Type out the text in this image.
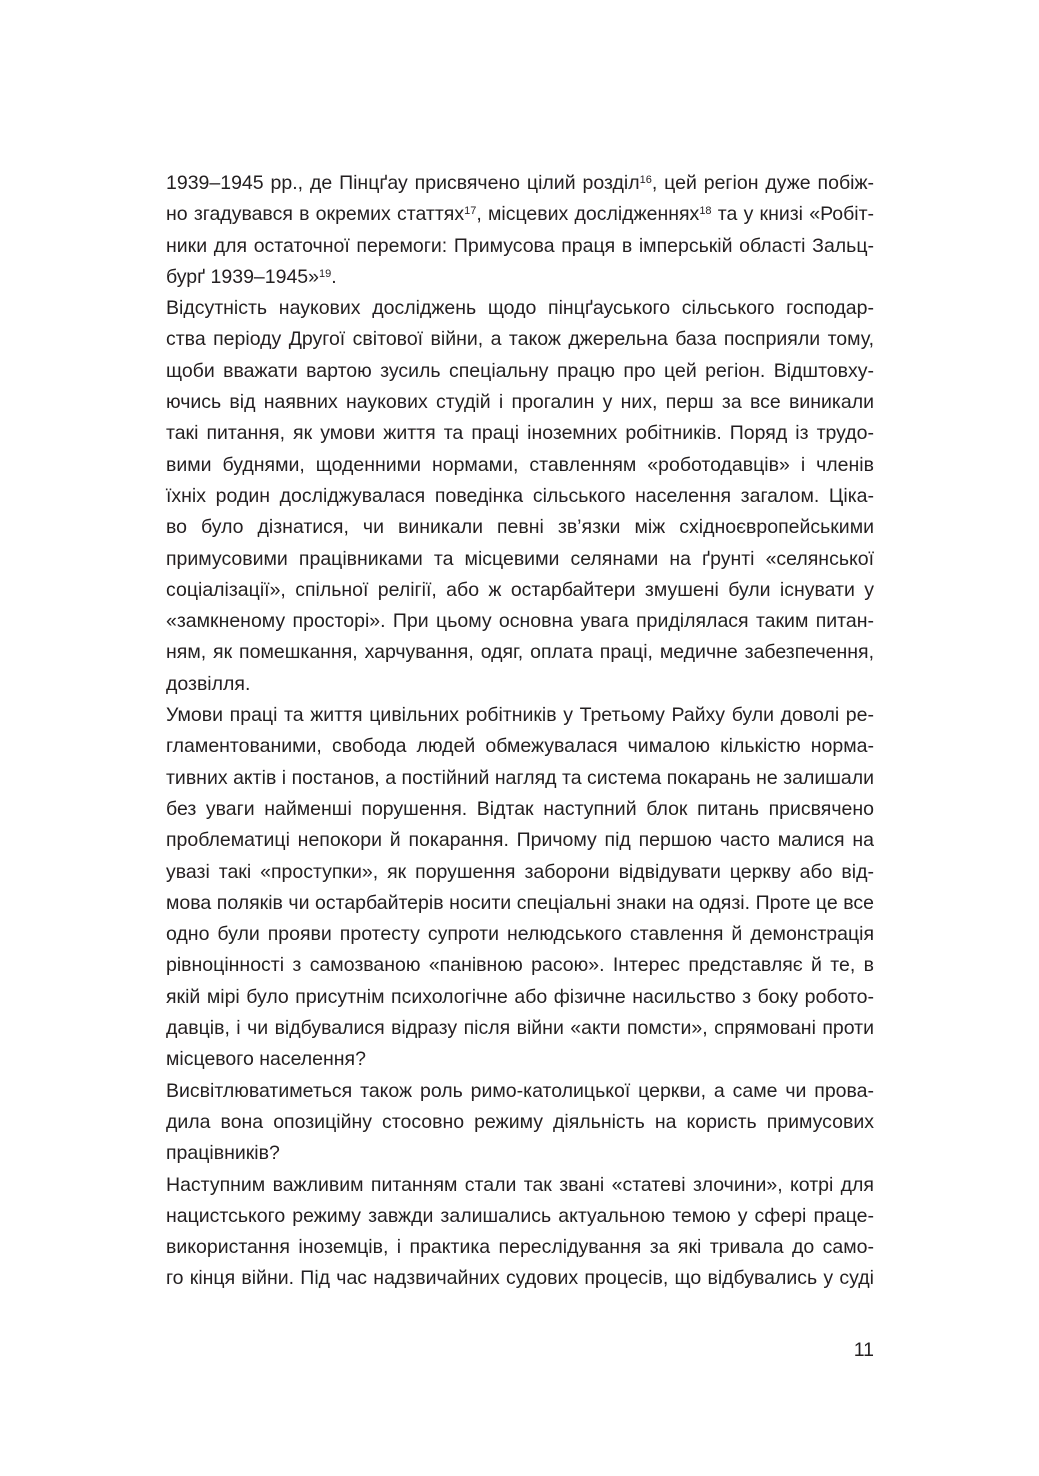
1939–1945 рр., де Пінцґау присвячено цілий розділ$^{16}$, цей регіон дуже побіж-
но згадувався в окремих статтях$^{17}$, місцевих дослідженнях$^{18}$ та у книзі «Робіт-
ники для остаточної перемоги: Примусова праця в імперській області Зальц-
бурґ 1939–1945»$^{19}$.
Відсутність наукових досліджень щодо пінцґауського сільського господар-
ства періоду Другої світової війни, а також джерельна база посприяли тому,
щоби вважати вартою зусиль спеціальну працю про цей регіон. Відштовху-
ючись від наявних наукових студій і прогалин у них, перш за все виникали
такі питання, як умови життя та праці іноземних робітників. Поряд із трудо-
вими буднями, щоденними нормами, ставленням «роботодавців» і членів
їхніх родин досліджувалася поведінка сільського населення загалом. Ціка-
во було дізнатися, чи виникали певні зв’язки між східноєвропейськими
примусовими працівниками та місцевими селянами на ґрунті «селянської
соціалізації», спільної релігії, або ж остарбайтери змушені були існувати у
«замкненому просторі». При цьому основна увага приділялася таким питан-
ням, як помешкання, харчування, одяг, оплата праці, медичне забезпечення,
дозвілля.
Умови праці та життя цивільних робітників у Третьому Райху були доволі ре-
гламентованими, свобода людей обмежувалася чималою кількістю норма-
тивних актів і постанов, а постійний нагляд та система покарань не залишали
без уваги найменші порушення. Відтак наступний блок питань присвячено
проблематиці непокори й покарання. Причому під першою часто малися на
увазі такі «проступки», як порушення заборони відвідувати церкву або від-
мова поляків чи остарбайтерів носити спеціальні знаки на одязі. Проте це все
одно були прояви протесту супроти нелюдського ставлення й демонстрація
рівноцінності з самозваною «панівною расою». Інтерес представляє й те, в
якій мірі було присутнім психологічне або фізичне насильство з боку робото-
давців, і чи відбувалися відразу після війни «акти помсти», спрямовані проти
місцевого населення?
Висвітлюватиметься також роль римо-католицької церкви, а саме чи прова-
дила вона опозиційну стосовно режиму діяльність на користь примусових
працівників?
Наступним важливим питанням стали так звані «статеві злочини», котрі для
нацистського режиму завжди залишались актуальною темою у сфері праце-
використання іноземців, і практика переслідування за які тривала до само-
го кінця війни. Під час надзвичайних судових процесів, що відбувались у суді
11
